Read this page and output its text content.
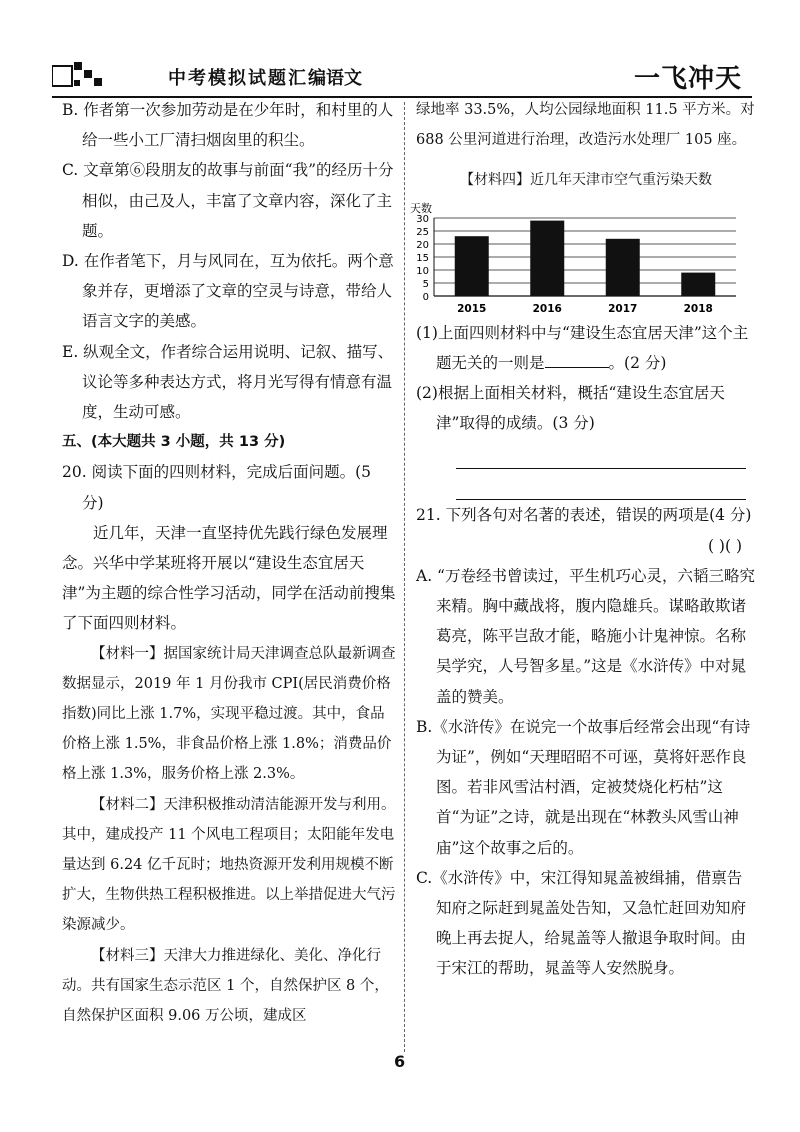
中考模拟试题汇编
语文	一飞冲天

B. 作者第一次参加劳动是在少年时，和村里的人给一些小工厂清扫烟囱里的积尘。

C. 文章第⑥段朋友的故事与前面“我”的经历十分相似，由己及人，丰富了文章内容，深化了主题。

D. 在作者笔下，月与风同在，互为依托。两个意象并存，更增添了文章的空灵与诗意，带给人语言文字的美感。

E. 纵观全文，作者综合运用说明、记叙、描写、议论等多种表达方式，将月光写得有情意有温度，生动可感。

五、(本大题共 3 小题，共 13 分)

20. 阅读下面的四则材料，完成后面问题。(5 分)

近几年，天津一直坚持优先践行绿色发展理念。兴华中学某班将开展以“建设生态宜居天津”为主题的综合性学习活动，同学在活动前搜集了下面四则材料。

【材料一】据国家统计局天津调查总队最新调查数据显示，2019 年 1 月份我市 CPI(居民消费价格指数)同比上涨 1.7%，实现平稳过渡。其中，食品价格上涨 1.5%，非食品价格上涨 1.8%；消费品价格上涨 1.3%，服务价格上涨 2.3%。

【材料二】天津积极推动清洁能源开发与利用。其中，建成投产 11 个风电工程项目；太阳能年发电量达到 6.24 亿千瓦时；地热资源开发利用规模不断扩大，生物供热工程积极推进。以上举措促进大气污染源减少。

【材料三】天津大力推进绿化、美化、净化行动。共有国家生态示范区 1 个，自然保护区 8 个，自然保护区面积 9.06 万公顷，建成区

绿地率 33.5%，人均公园绿地面积 11.5 平方米。对 688 公里河道进行治理，改造污水处理厂 105 座。

【材料四】近几年天津市空气重污染天数

天数
0
5
10
15
20
25
30
2015	2016	2017	2018

(1)上面四则材料中与“建设生态宜居天津”这个主题无关的一则是	。(2 分)

(2)根据上面相关材料，概括“建设生态宜居天津”取得的成绩。(3 分)

21. 下列各句对名著的表述，错误的两项是(4 分)

( )( )

A. “万卷经书曾读过，平生机巧心灵，六韬三略究来精。胸中藏战将，腹内隐雄兵。谋略敢欺诸葛亮，陈平岂敌才能，略施小计鬼神惊。名称吴学究，人号智多星。”这是《水浒传》中对晁盖的赞美。

B.《水浒传》在说完一个故事后经常会出现“有诗为证”，例如“天理昭昭不可诬，莫将奸恶作良图。若非风雪沽村酒，定被焚烧化朽枯”这首“为证”之诗，就是出现在“林教头风雪山神庙”这个故事之后的。

C.《水浒传》中，宋江得知晁盖被缉捕，借禀告知府之际赶到晁盖处告知，又急忙赶回劝知府晚上再去捉人，给晁盖等人撤退争取时间。由于宋江的帮助，晁盖等人安然脱身。

6
